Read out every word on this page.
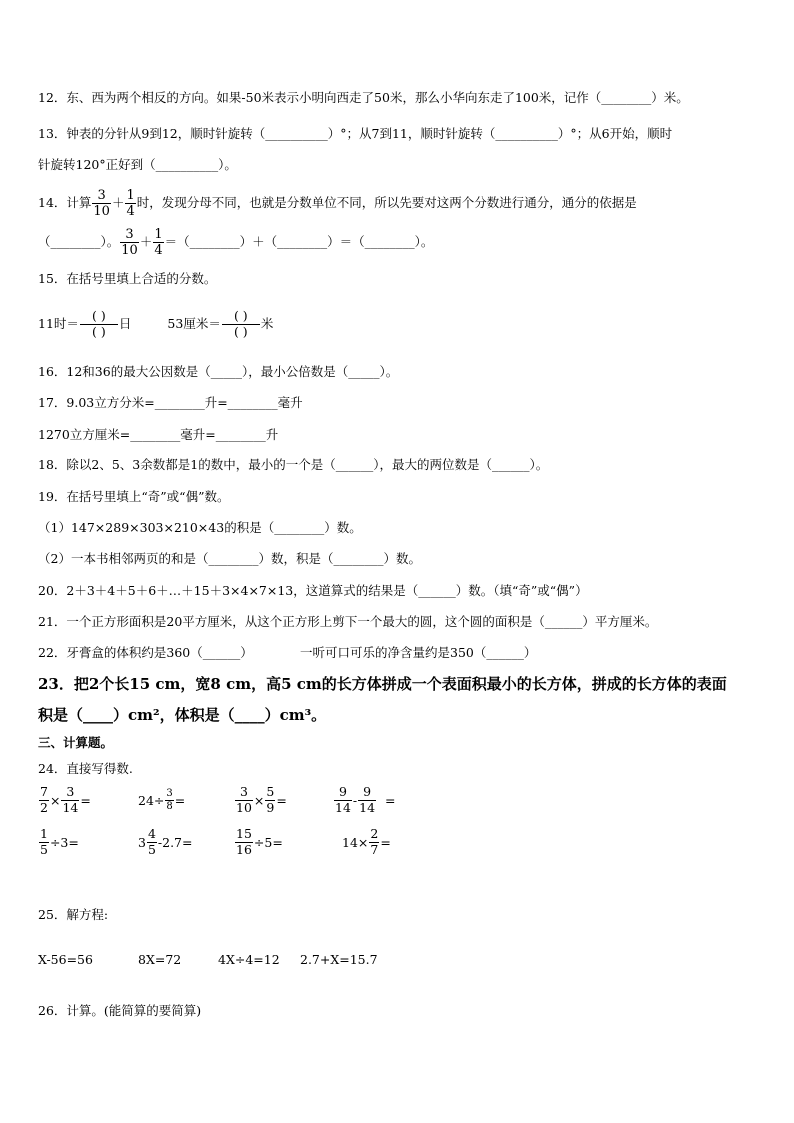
12．东、西为两个相反的方向。如果-50米表示小明向西走了50米，那么小华向东走了100米，记作（________）米。
13．钟表的分针从9到12，顺时针旋转（__________）°；从7到11，顺时针旋转（__________）°；从6开始，顺时
针旋转120°正好到（__________）。
14．计算 $\frac{3}{10} + \frac{1}{4}$ 时，发现分母不同，也就是分数单位不同，所以先要对这两个分数进行通分，通分的依据是
（________）。 $\frac{3}{10} + \frac{1}{4}$ ＝（________）＋（________）＝（________）。
15．在括号里填上合适的分数。
11时＝ $\frac{( )}{( )}$ 日	53厘米＝ $\frac{( )}{( )}$ 米
16．12和36的最大公因数是（_____），最小公倍数是（_____）。
17．9.03立方分米=________升=________毫升
1270立方厘米=________毫升=________升
18．除以2、5、3余数都是1的数中，最小的一个是（______），最大的两位数是（______）。
19．在括号里填上“奇”或“偶”数。
（1）147×289×303×210×43的积是（________）数。
（2）一本书相邻两页的和是（________）数，积是（________）数。
20．2＋3＋4＋5＋6＋…＋15＋3×4×7×13，这道算式的结果是（______）数。（填“奇”或“偶”）
21．一个正方形面积是20平方厘米，从这个正方形上剪下一个最大的圆，这个圆的面积是（______）平方厘米。
22．牙膏盒的体积约是360（______）	一听可口可乐的净含量约是350（______）
23．把2个长15 cm，宽8 cm，高5 cm的长方体拼成一个表面积最小的长方体，拼成的长方体的表面
积是（____）cm²，体积是（____）cm³。
三、计算题。
24．直接写得数.
$\frac{7}{2} \times \frac{3}{14}$ =	$24\div \frac{3}{8}$ =	$\frac{3}{10} \times \frac{5}{9}$ =	$\frac{9}{14} - \frac{9}{14}$ =
$\frac{1}{5} \div 3=$	$3 \frac{4}{5} -2.7=$	$\frac{15}{16} \div 5=$	$14\times \frac{2}{7}$ =
25．解方程:
X-56=56	8X=72	4X÷4=12 2.7+X=15.7
26．计算。(能简算的要简算)
